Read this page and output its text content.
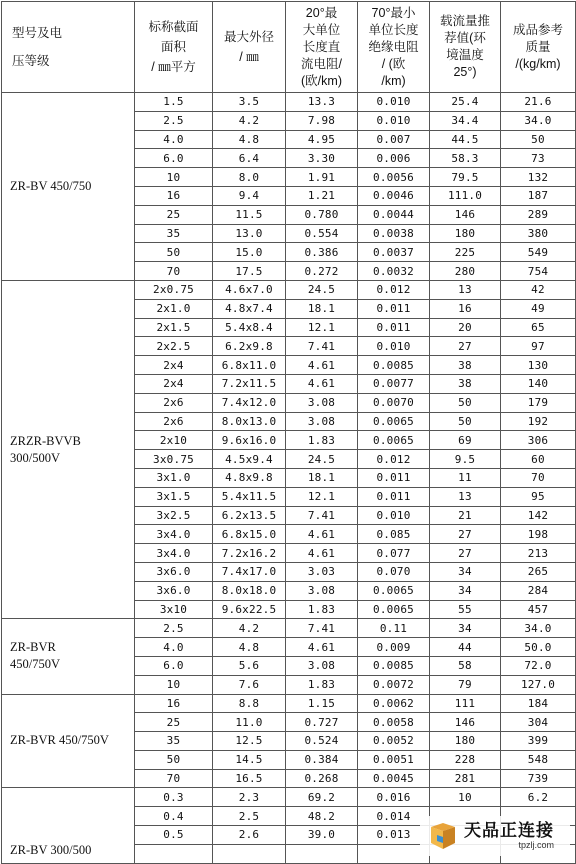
型号及电
压等级	标称截面
面积
/ ㎜平方	最大外径
/ ㎜	20°最
大单位
长度直
流电阻/
(欧/km)	70°最小
单位长度
绝缘电阻
/ (欧
/km)	载流量推
荐值(环
境温度
25°)	成品参考
质量
/(kg/km)
ZR-BV 450/750	1.5	3.5	13.3	0.010	25.4	21.6
	2.5	4.2	7.98	0.010	34.4	34.0
	4.0	4.8	4.95	0.007	44.5	50
	6.0	6.4	3.30	0.006	58.3	73
	10	8.0	1.91	0.0056	79.5	132
	16	9.4	1.21	0.0046	111.0	187
	25	11.5	0.780	0.0044	146	289
	35	13.0	0.554	0.0038	180	380
	50	15.0	0.386	0.0037	225	549
	70	17.5	0.272	0.0032	280	754
ZRZR-BVVB
300/500V	2x0.75	4.6x7.0	24.5	0.012	13	42
	2x1.0	4.8x7.4	18.1	0.011	16	49
	2x1.5	5.4x8.4	12.1	0.011	20	65
	2x2.5	6.2x9.8	7.41	0.010	27	97
	2x4	6.8x11.0	4.61	0.0085	38	130
	2x4	7.2x11.5	4.61	0.0077	38	140
	2x6	7.4x12.0	3.08	0.0070	50	179
	2x6	8.0x13.0	3.08	0.0065	50	192
	2x10	9.6x16.0	1.83	0.0065	69	306
	3x0.75	4.5x9.4	24.5	0.012	9.5	60
	3x1.0	4.8x9.8	18.1	0.011	11	70
	3x1.5	5.4x11.5	12.1	0.011	13	95
	3x2.5	6.2x13.5	7.41	0.010	21	142
	3x4.0	6.8x15.0	4.61	0.085	27	198
	3x4.0	7.2x16.2	4.61	0.077	27	213
	3x6.0	7.4x17.0	3.03	0.070	34	265
	3x6.0	8.0x18.0	3.08	0.0065	34	284
	3x10	9.6x22.5	1.83	0.0065	55	457
ZR-BVR
450/750V	2.5	4.2	7.41	0.11	34	34.0
	4.0	4.8	4.61	0.009	44	50.0
	6.0	5.6	3.08	0.0085	58	72.0
	10	7.6	1.83	0.0072	79	127.0
ZR-BVR 450/750V	16	8.8	1.15	0.0062	111	184
	25	11.0	0.727	0.0058	146	304
	35	12.5	0.524	0.0052	180	399
	50	14.5	0.384	0.0051	228	548
	70	16.5	0.268	0.0045	281	739
ZR-BV 300/500	0.3	2.3	69.2	0.016	10	6.2
	0.4	2.5	48.2	0.014		
	0.5	2.6	39.0	0.013		
						天品正连接
tpzlj.com
